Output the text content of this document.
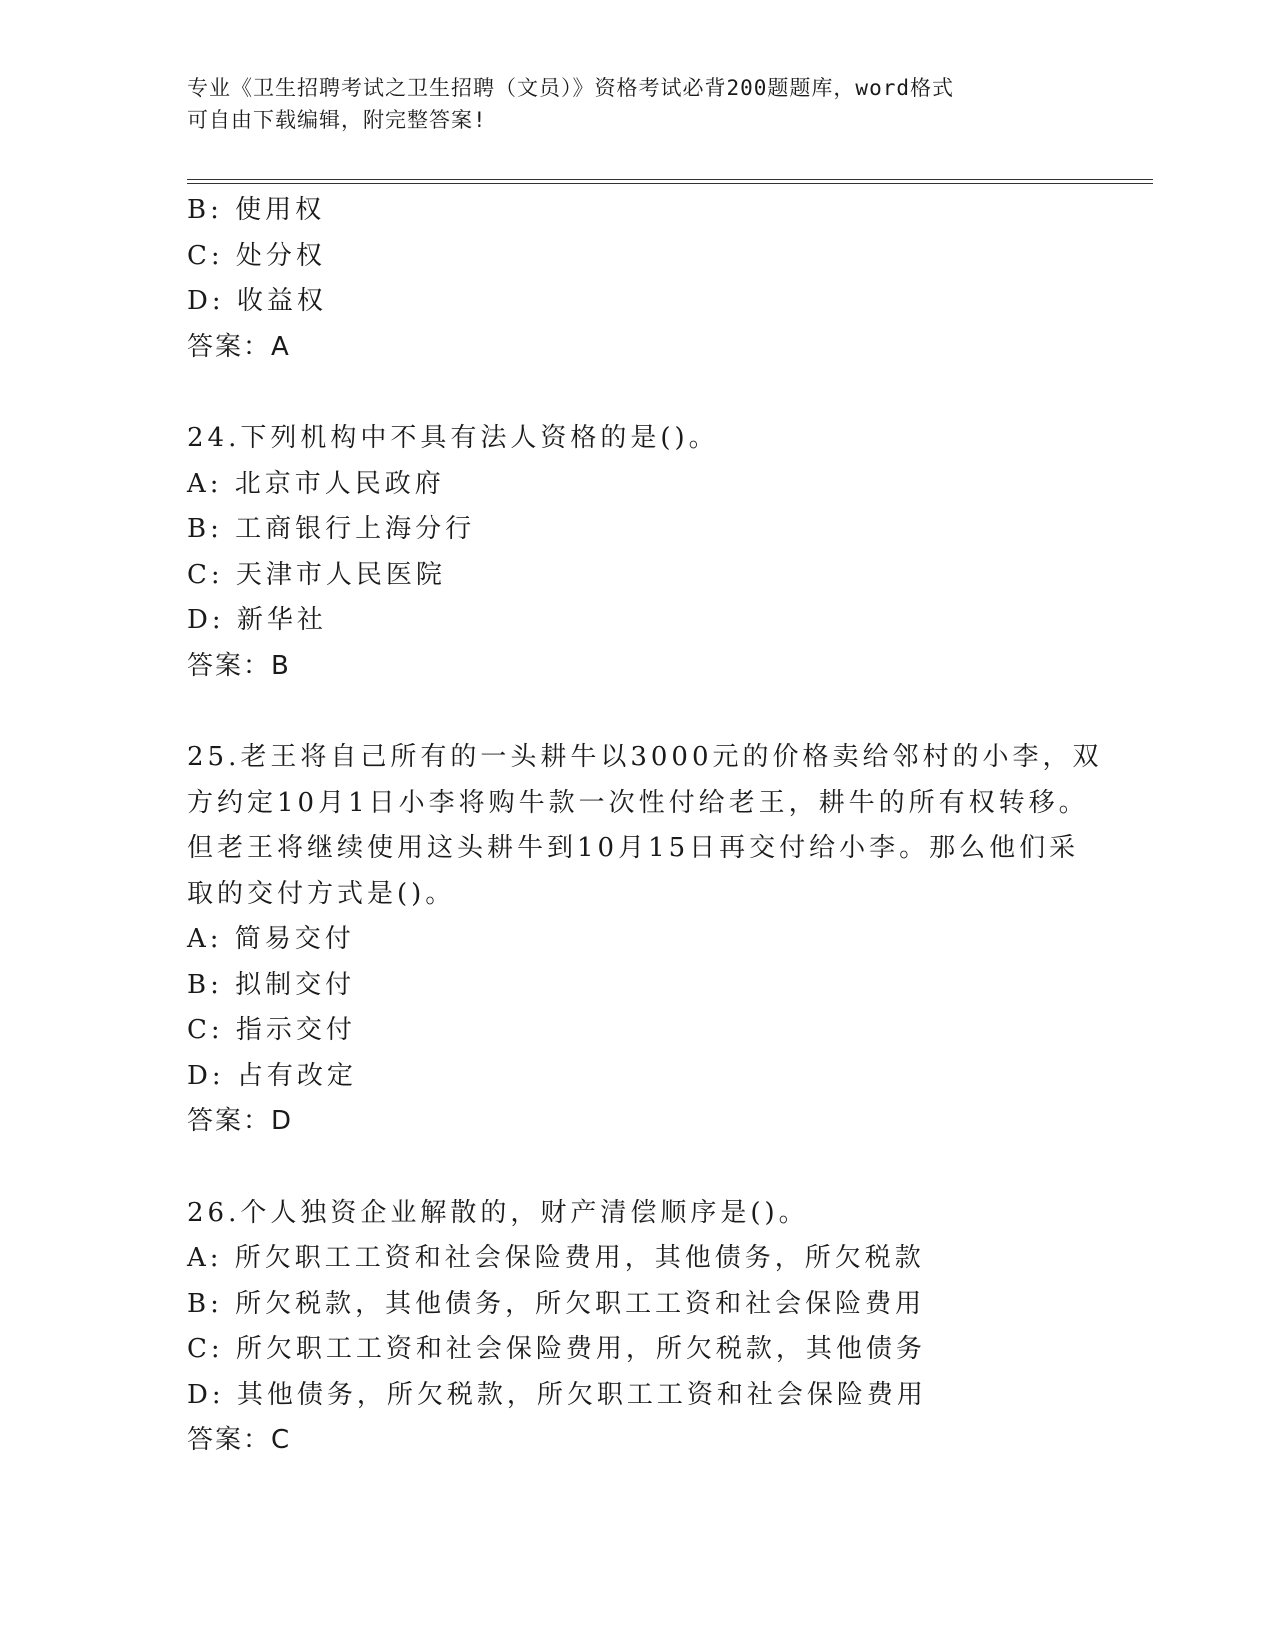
专业《卫生招聘考试之卫生招聘（文员）》资格考试必背200题题库，word格式
可自由下载编辑，附完整答案!
B: 使用权
C: 处分权
D: 收益权
答案：A
24.下列机构中不具有法人资格的是()。
A: 北京市人民政府
B: 工商银行上海分行
C: 天津市人民医院
D: 新华社
答案：B
25.老王将自己所有的一头耕牛以3000元的价格卖给邻村的小李，双
方约定10月1日小李将购牛款一次性付给老王，耕牛的所有权转移。
但老王将继续使用这头耕牛到10月15日再交付给小李。那么他们采
取的交付方式是()。
A: 简易交付
B: 拟制交付
C: 指示交付
D: 占有改定
答案：D
26.个人独资企业解散的，财产清偿顺序是()。
A: 所欠职工工资和社会保险费用，其他债务，所欠税款
B: 所欠税款，其他债务，所欠职工工资和社会保险费用
C: 所欠职工工资和社会保险费用，所欠税款，其他债务
D: 其他债务，所欠税款，所欠职工工资和社会保险费用
答案：C
